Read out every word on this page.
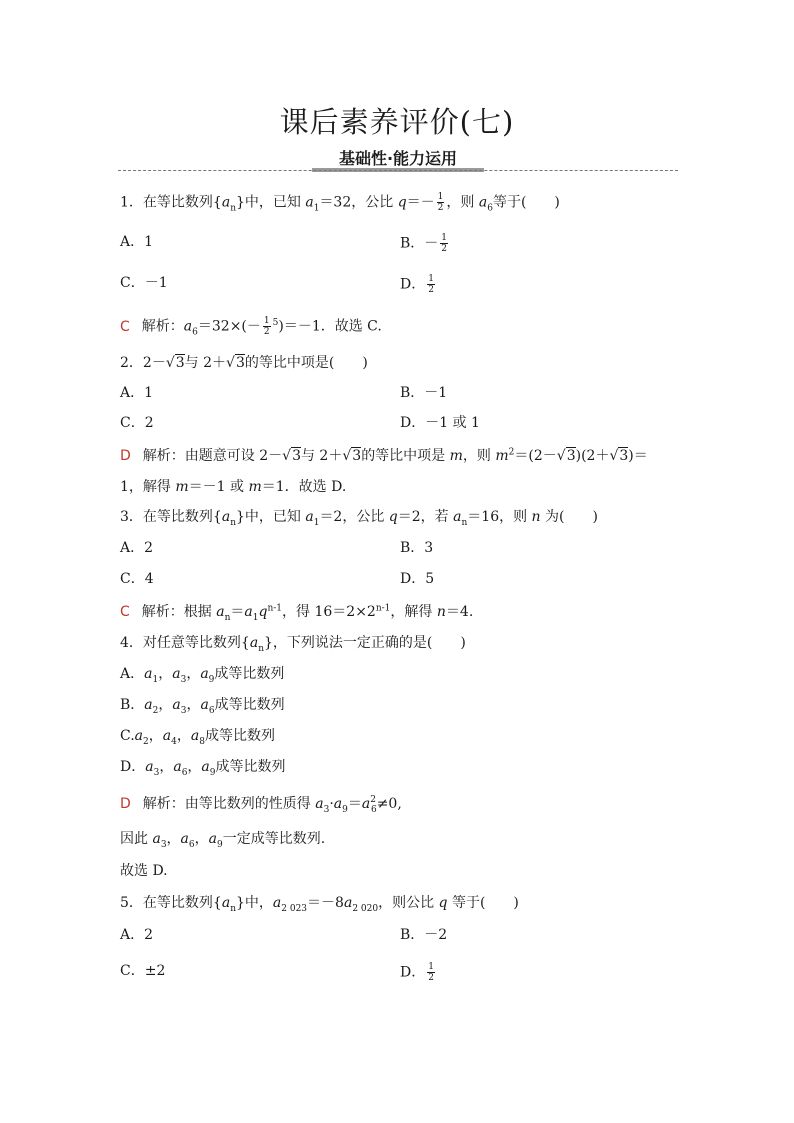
课后素养评价(七)
基础性·能力运用
1．在等比数列$\{a_n\}$中，已知 $a_1=32$，公比 $q=- \frac{1}{2}$ ，则 $a_6$等于(　　)
A．1	B．－ $\frac{1}{2}$
C．－1	D． $\frac{1}{2}$
C 解析：$a_6=32\times(- \frac{1}{2} ^5)=-1$．故选 C.
2．2－√3与 2＋√3的等比中项是(　　)
A．1	B．－1
C．2	D．－1 或 1
D 解析：由题意可设 2－√3与 2＋√3的等比中项是 m，则 $m^2=(2-√3)(2+√3)=$
1，解得 m＝－1 或 m＝1．故选 D.
3．在等比数列$\{a_n\}$中，已知 $a_1=2$，公比 q＝2，若 $a_n=16$，则 n 为(　　)
A．2	B．3
C．4	D．5
C 解析：根据 $a_n=a_1q^{n-1}$，得 $16=2\times 2^{n-1}$，解得 n＝4.
4．对任意等比数列$\{a_n\}$，下列说法一定正确的是(　　)
A．$a_1$，$a_3$，$a_9$成等比数列
B．$a_2$，$a_3$，$a_6$成等比数列
$C.a_2$，$a_4$，$a_8$成等比数列
D．$a_3$，$a_6$，$a_9$成等比数列
D 解析：由等比数列的性质得 $a_3\cdot a_9=a^2_6\ne 0$,
因此 $a_3$，$a_6$，$a_9$一定成等比数列.
故选 D.
5．在等比数列$\{a_n\}$中，$a_{2 023}=-8a_{2 020}$，则公比 q 等于(　　)
A．2	B．－2
C．±2	D． $\frac{1}{2}$
